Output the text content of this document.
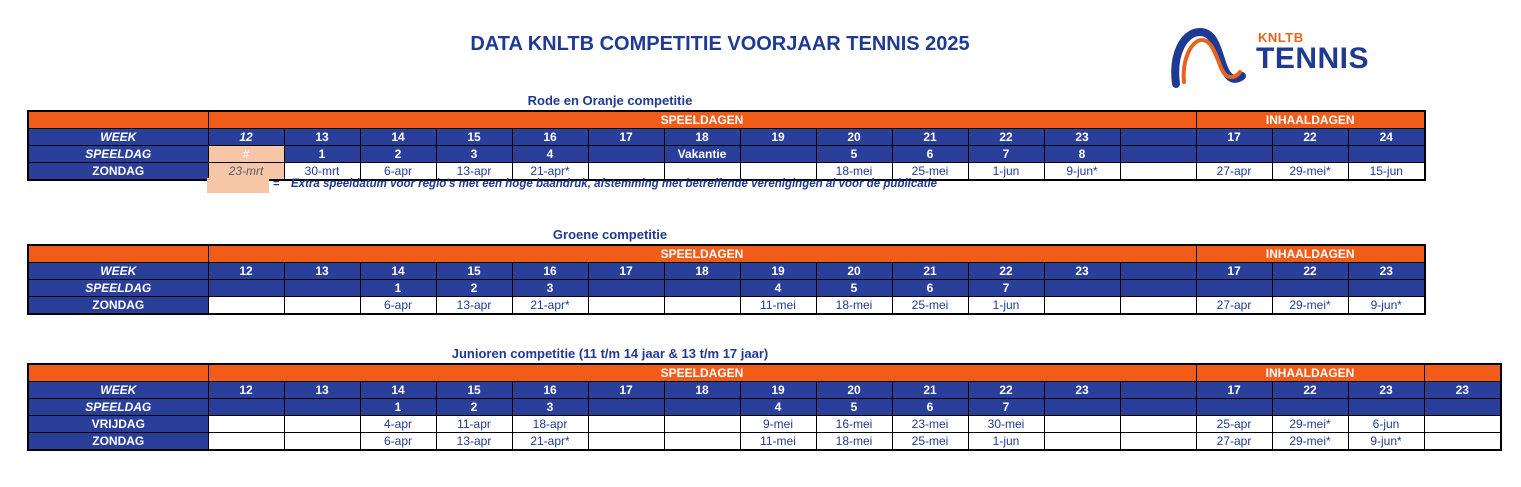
DATA KNLTB COMPETITIE VOORJAAR TENNIS 2025	KNLTB
TENNIS
Rode en Oranje competitie
	SPEELDAGEN													INHAALDAGEN		
WEEK	12	13	14	15	16	17	18	19	20	21	22	23		17	22	24
SPEELDAG	#	1	2	3	4		Vakantie		5	6	7	8				
ZONDAG	23-mrt	30-mrt	6-apr	13-apr	21-apr*				18-mei	25-mei	1-jun	9-jun*		27-apr	29-mei*	15-jun
= Extra speeldatum voor regio's met een hoge baandruk, afstemming met betreffende verenigingen al voor de publicatie
Groene competitie
	SPEELDAGEN													INHAALDAGEN		
WEEK	12	13	14	15	16	17	18	19	20	21	22	23		17	22	23
SPEELDAG			1	2	3			4	5	6	7					
ZONDAG			6-apr	13-apr	21-apr*			11-mei	18-mei	25-mei	1-jun			27-apr	29-mei*	9-jun*
Junioren competitie (11 t/m 14 jaar & 13 t/m 17 jaar)
	SPEELDAGEN													INHAALDAGEN			
WEEK	12	13	14	15	16	17	18	19	20	21	22	23		17	22	23	23
SPEELDAG			1	2	3			4	5	6	7						
VRIJDAG			4-apr	11-apr	18-apr			9-mei	16-mei	23-mei	30-mei			25-apr	29-mei*	6-jun	
ZONDAG			6-apr	13-apr	21-apr*			11-mei	18-mei	25-mei	1-jun			27-apr	29-mei*	9-jun*	
